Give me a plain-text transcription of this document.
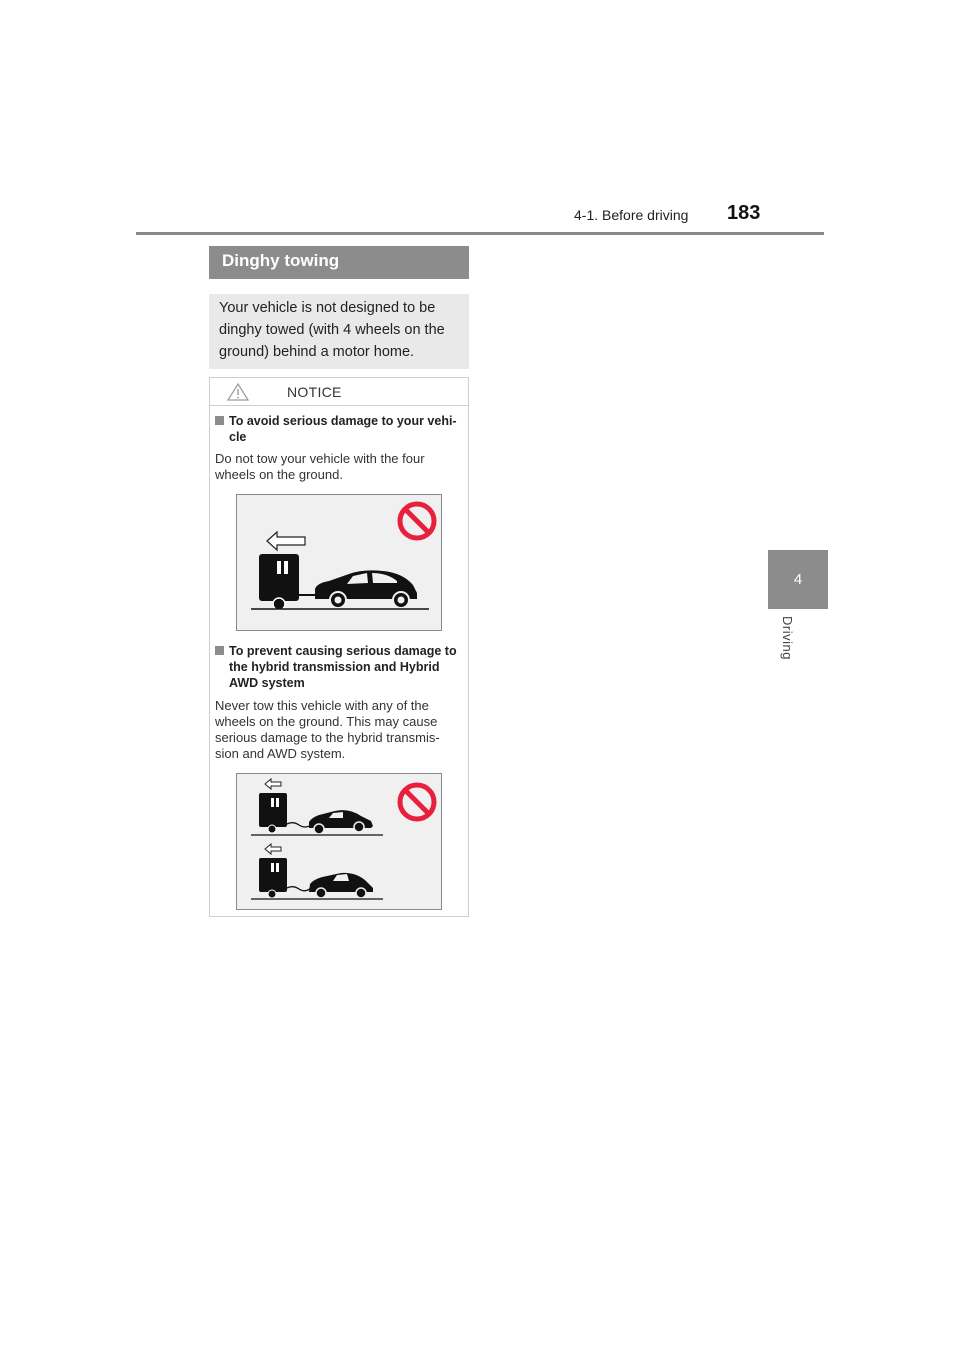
4-1. Before driving 183
4
Driving
Dinghy towing
Your vehicle is not designed to be
dinghy towed (with 4 wheels on the
ground) behind a motor home.
NOTICE
To avoid serious damage to your vehi-
cle
Do not tow your vehicle with the four
wheels on the ground.
To prevent causing serious damage to
the hybrid transmission and Hybrid
AWD system
Never tow this vehicle with any of the
wheels on the ground. This may cause
serious damage to the hybrid transmis-
sion and AWD system.
